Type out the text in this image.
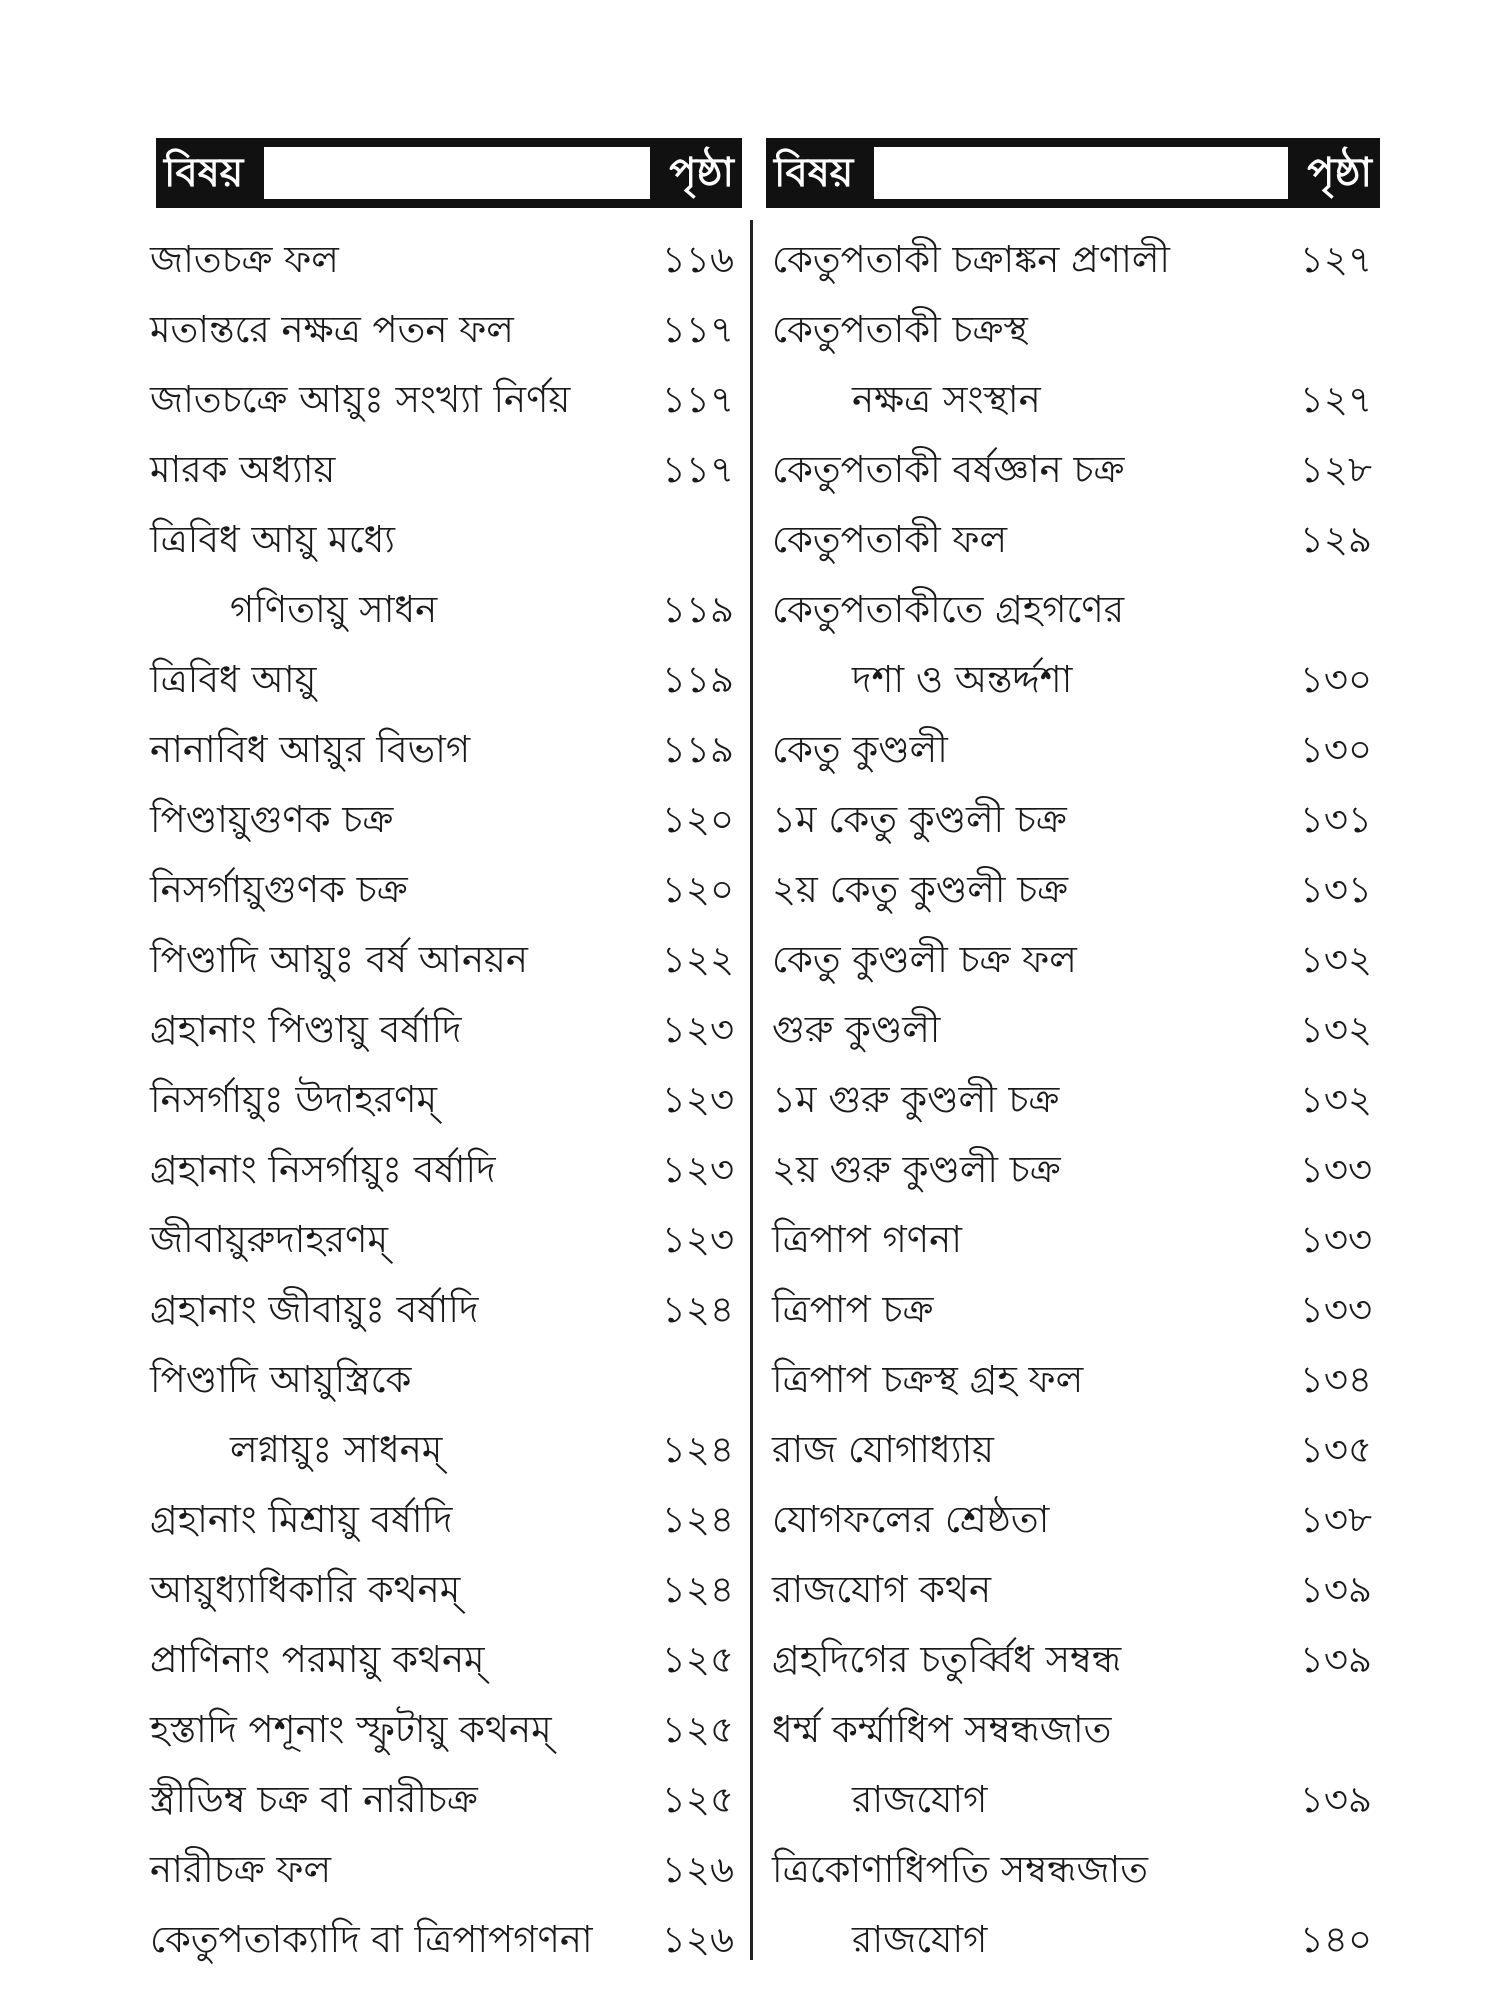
বিষয়	পৃষ্ঠা বিষয়	পৃষ্ঠা
জাতচক্র ফল	১১৬
মতান্তরে নক্ষত্র পতন ফল	১১৭
জাতচক্রে আয়ুঃ সংখ্যা নির্ণয় ১১৭
মারক অধ্যায়	১১৭
ত্রিবিধ আয়ু মধ্যে
গণিতায়ু সাধন	১১৯
ত্রিবিধ আয়ু	১১৯
নানাবিধ আয়ুর বিভাগ	১১৯
পিণ্ডায়ুগুণক চক্র	১২০
নিসর্গায়ুগুণক চক্র	১২০
পিণ্ডাদি আয়ুঃ বর্ষ আনয়ন	১২২
গ্রহানাং পিণ্ডায়ু বর্ষাদি	১২৩
নিসর্গায়ুঃ উদাহরণম্	১২৩
গ্রহানাং নিসর্গায়ুঃ বর্ষাদি	১২৩
জীবায়ুরুদাহরণম্	১২৩
গ্রহানাং জীবায়ুঃ বর্ষাদি	১২৪
পিণ্ডাদি আয়ুস্ত্রিকে
লগ্নায়ুঃ সাধনম্	১২৪
গ্রহানাং মিশ্রায়ু বর্ষাদি	১২৪
আয়ুধ্যাধিকারি কথনম্	১২৪
প্রাণিনাং পরমায়ু কথনম্	১২৫
হস্তাদি পশূনাং স্ফুটায়ু কথনম্	১২৫
স্ত্রীডিম্ব চক্র বা নারীচক্র	১২৫
নারীচক্র ফল	১২৬
কেতুপতাক্যাদি বা ত্রিপাপগণনা ১২৬
কেতুপতাকী চক্রাঙ্কন প্রণালী	১২৭
কেতুপতাকী চক্রস্থ
নক্ষত্র সংস্থান	১২৭
কেতুপতাকী বর্ষজ্ঞান চক্র	১২৮
কেতুপতাকী ফল	১২৯
কেতুপতাকীতে গ্রহগণের
দশা ও অন্তর্দ্দশা	১৩০
কেতু কুণ্ডলী	১৩০
১ম কেতু কুণ্ডলী চক্র	১৩১
২য় কেতু কুণ্ডলী চক্র	১৩১
কেতু কুণ্ডলী চক্র ফল	১৩২
গুরু কুণ্ডলী	১৩২
১ম গুরু কুণ্ডলী চক্র	১৩২
২য় গুরু কুণ্ডলী চক্র	১৩৩
ত্রিপাপ গণনা	১৩৩
ত্রিপাপ চক্র	১৩৩
ত্রিপাপ চক্রস্থ গ্রহ ফল	১৩৪
রাজ যোগাধ্যায়	১৩৫
যোগফলের শ্রেষ্ঠতা	১৩৮
রাজযোগ কথন	১৩৯
গ্রহদিগের চতুর্ব্বিধ সম্বন্ধ	১৩৯
ধর্ম্ম কর্ম্মাধিপ সম্বন্ধজাত
রাজযোগ	১৩৯
ত্রিকোণাধিপতি সম্বন্ধজাত
রাজযোগ	১৪০
